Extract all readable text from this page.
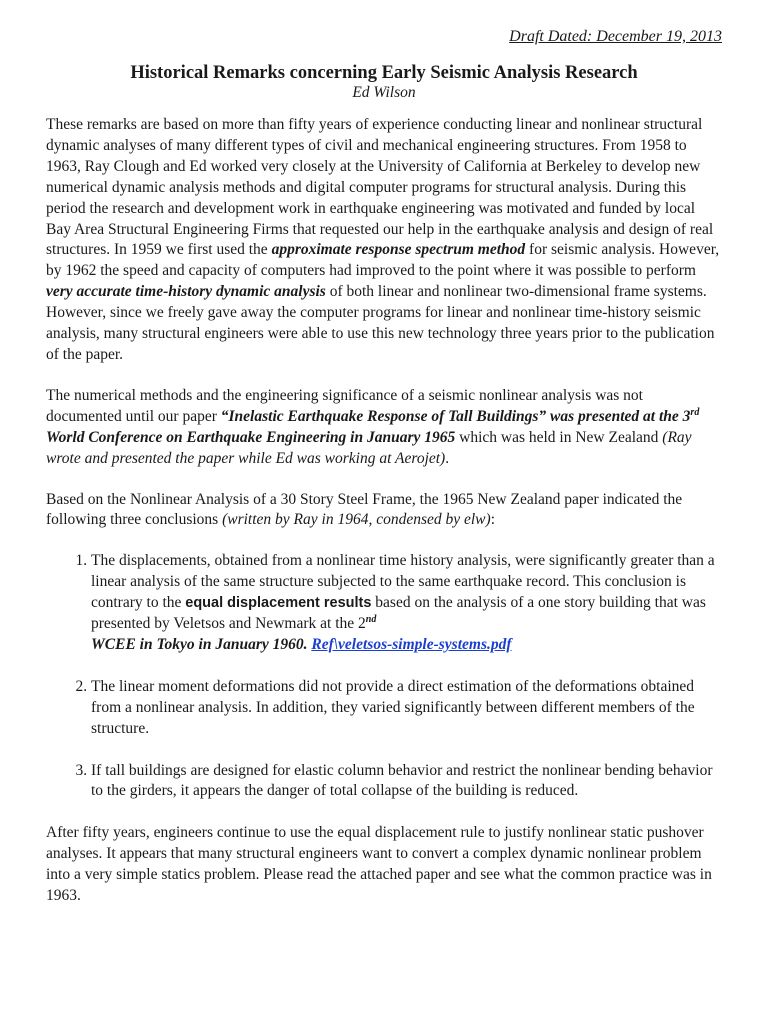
Draft Dated: December 19, 2013
Historical Remarks concerning Early Seismic Analysis Research
Ed Wilson

These remarks are based on more than fifty years of experience conducting linear and nonlinear structural dynamic analyses of many different types of civil and mechanical engineering structures. From 1958 to 1963, Ray Clough and Ed worked very closely at the University of California at Berkeley to develop new numerical dynamic analysis methods and digital computer programs for structural analysis. During this period the research and development work in earthquake engineering was motivated and funded by local Bay Area Structural Engineering Firms that requested our help in the earthquake analysis and design of real structures. In 1959 we first used the approximate response spectrum method for seismic analysis. However, by 1962 the speed and capacity of computers had improved to the point where it was possible to perform very accurate time-history dynamic analysis of both linear and nonlinear two-dimensional frame systems. However, since we freely gave away the computer programs for linear and nonlinear time-history seismic analysis, many structural engineers were able to use this new technology three years prior to the publication of the paper.

The numerical methods and the engineering significance of a seismic nonlinear analysis was not documented until our paper “Inelastic Earthquake Response of Tall Buildings” was presented at the 3rd World Conference on Earthquake Engineering in January 1965 which was held in New Zealand (Ray wrote and presented the paper while Ed was working at Aerojet).

Based on the Nonlinear Analysis of a 30 Story Steel Frame, the 1965 New Zealand paper indicated the following three conclusions (written by Ray in 1964, condensed by elw):

1. The displacements, obtained from a nonlinear time history analysis, were significantly greater than a linear analysis of the same structure subjected to the same earthquake record. This conclusion is contrary to the equal displacement results based on the analysis of a one story building that was presented by Veletsos and Newmark at the 2nd
WCEE in Tokyo in January 1960. Ref\veletsos-simple-systems.pdf
2. The linear moment deformations did not provide a direct estimation of the deformations obtained from a nonlinear analysis. In addition, they varied significantly between different members of the structure.
3. If tall buildings are designed for elastic column behavior and restrict the nonlinear bending behavior to the girders, it appears the danger of total collapse of the building is reduced.

After fifty years, engineers continue to use the equal displacement rule to justify nonlinear static pushover analyses. It appears that many structural engineers want to convert a complex dynamic nonlinear problem into a very simple statics problem. Please read the attached paper and see what the common practice was in 1963.
